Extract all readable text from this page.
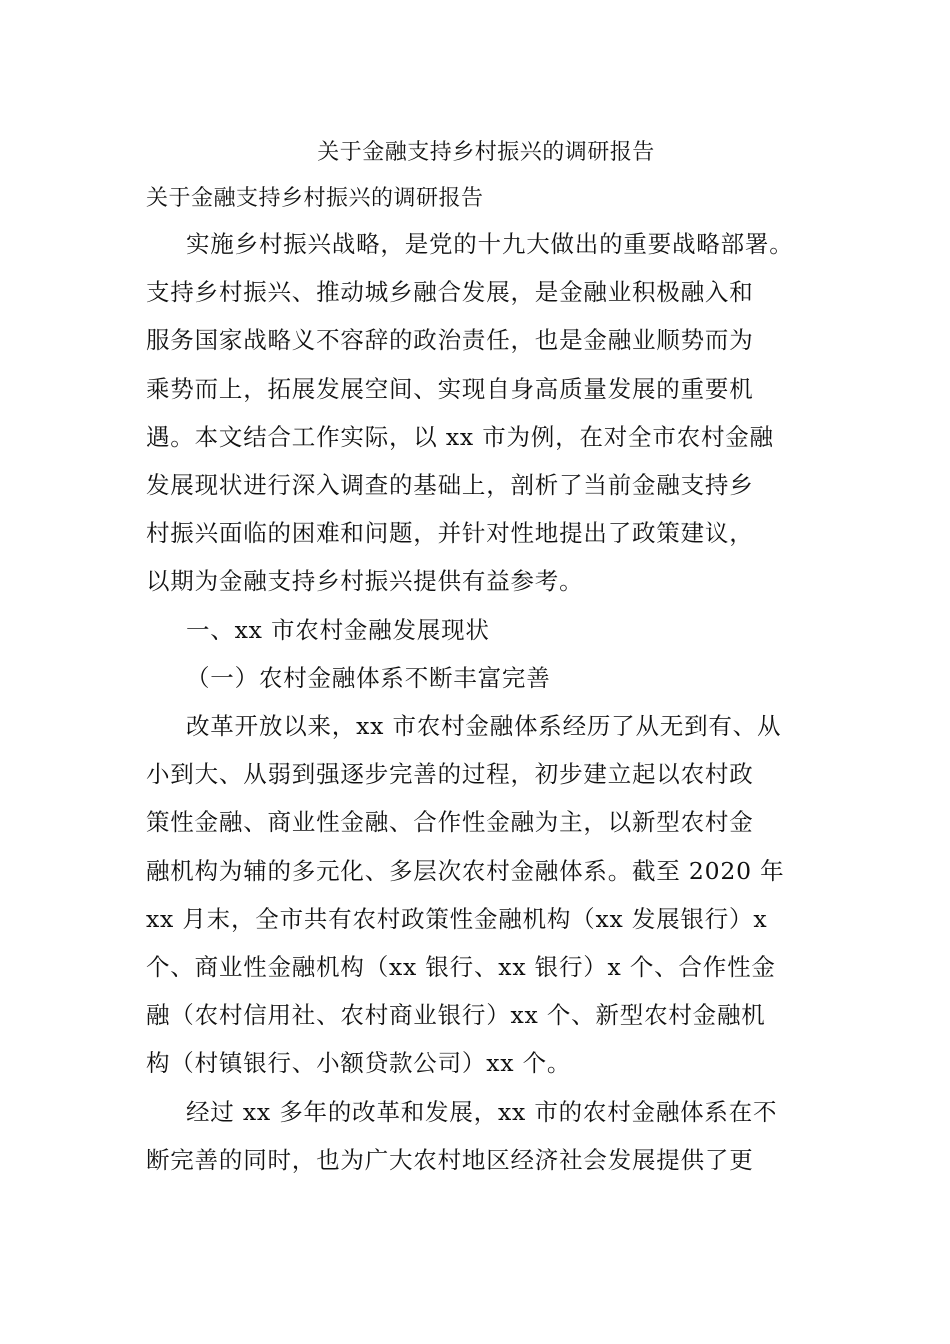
关于金融支持乡村振兴的调研报告
关于金融支持乡村振兴的调研报告
实施乡村振兴战略，是党的十九大做出的重要战略部署。
支持乡村振兴、推动城乡融合发展，是金融业积极融入和
服务国家战略义不容辞的政治责任，也是金融业顺势而为
乘势而上，拓展发展空间、实现自身高质量发展的重要机
遇。本文结合工作实际，以 xx 市为例，在对全市农村金融
发展现状进行深入调查的基础上，剖析了当前金融支持乡
村振兴面临的困难和问题，并针对性地提出了政策建议，
以期为金融支持乡村振兴提供有益参考。
一、xx 市农村金融发展现状
（一）农村金融体系不断丰富完善
改革开放以来，xx 市农村金融体系经历了从无到有、从
小到大、从弱到强逐步完善的过程，初步建立起以农村政
策性金融、商业性金融、合作性金融为主，以新型农村金
融机构为辅的多元化、多层次农村金融体系。截至 2020 年
xx 月末，全市共有农村政策性金融机构（xx 发展银行）x
个、商业性金融机构（xx 银行、xx 银行）x 个、合作性金
融（农村信用社、农村商业银行）xx 个、新型农村金融机
构（村镇银行、小额贷款公司）xx 个。
经过 xx 多年的改革和发展，xx 市的农村金融体系在不
断完善的同时，也为广大农村地区经济社会发展提供了更
